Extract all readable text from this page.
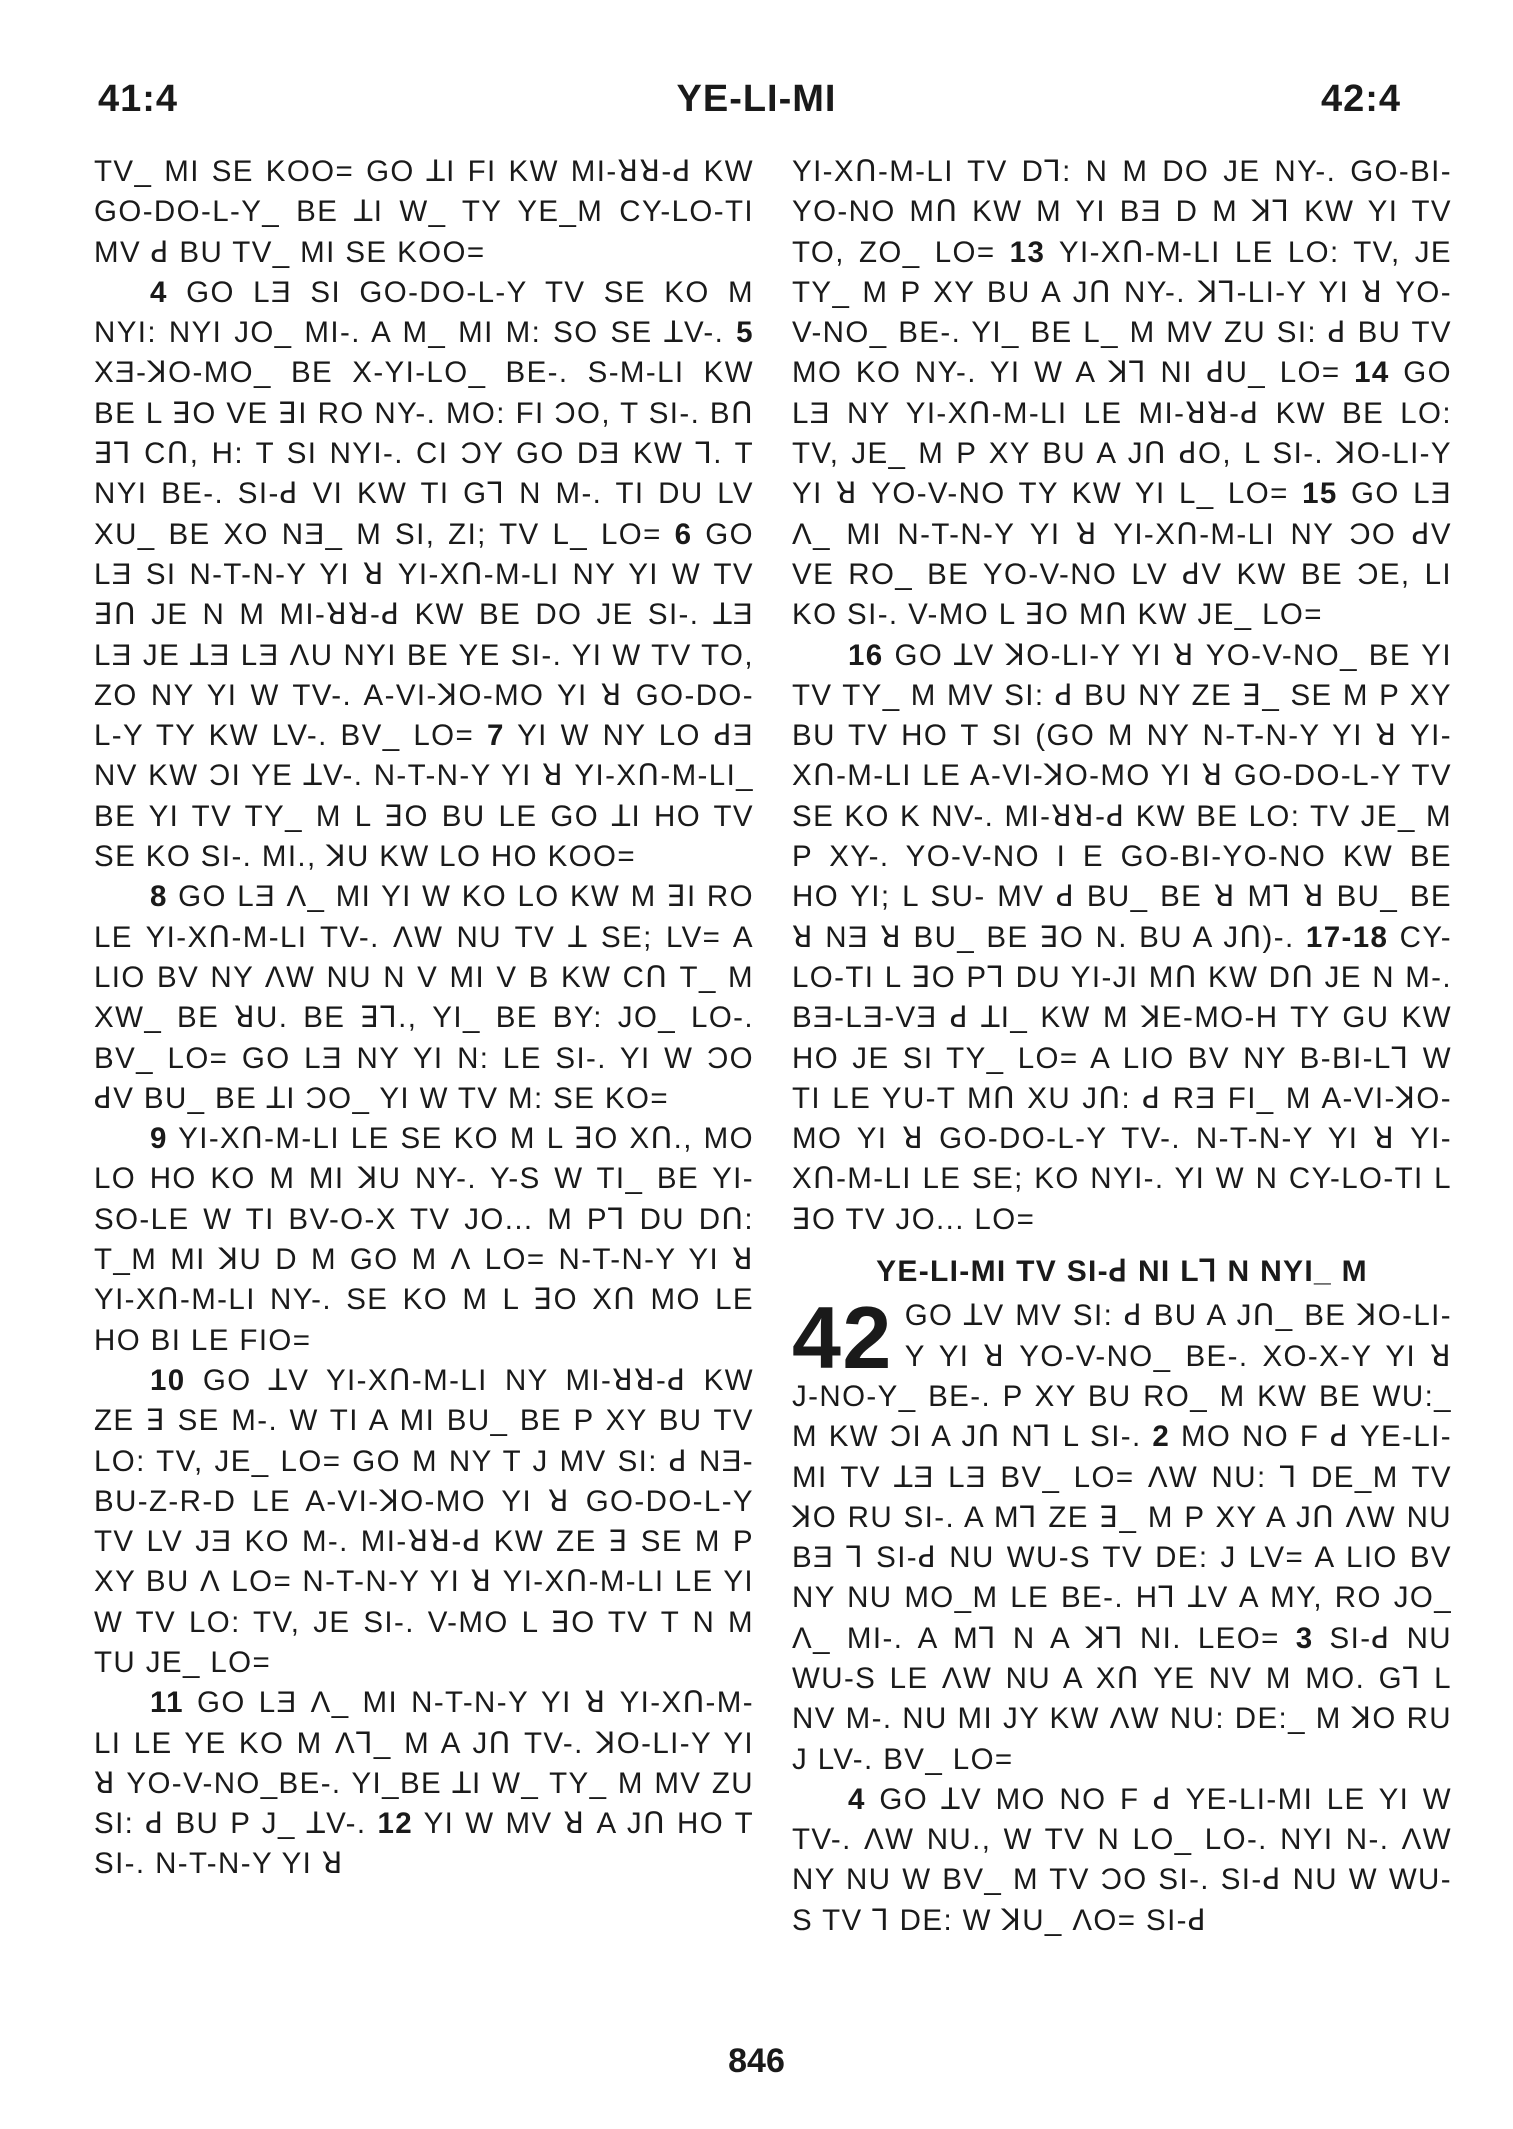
41:4	YE-LI-MI	42:4

TV_ MI SE KOO= GO ꓕI FI KW MI-ꓤꓤ-ꓒ KW GO-DO-L-Y_ BE ꓕI W_ TY YE_M CY-LO-TI MV ꓒ BU TV_ MI SE KOO=

4 GO LƎ SI GO-DO-L-Y TV SE KO M NYI: NYI JO_ MI-. A M_ MI M: SO SE ꓕV-. 5 XƎ-ꓘO-MO_ BE X-YI-LO_ BE-. S-M-LI KW BE L ꓱO VE ꓱI RO NY-. MO: FI ƆO, T SI-. BՈ ꓱ⅂ CՈ, H: T SI NYI-. CI ƆY GO DƎ KW ⅂. T NYI BE-. SI-ꓒ VI KW TI G⅂ N M-. TI DU LV XU_ BE XO NƎ_ M SI, ZI; TV L_ LO= 6 GO LƎ SI N-T-N-Y YI ꓤ YI-XՈ-M-LI NY YI W TV ꓱՈ JE N M MI-ꓤꓤ-ꓒ KW BE DO JE SI-. ꓕƎ LƎ JE ꓕƎ LƎ ɅU NYI BE YE SI-. YI W TV TO, ZO NY YI W TV-. A-VI-ꓘO-MO YI ꓤ GO-DO-L-Y TY KW LV-. BV_ LO= 7 YI W NY LO ꓒƎ NV KW ƆI YE ꓕV-. N-T-N-Y YI ꓤ YI-XՈ-M-LI_ BE YI TV TY_ M L ꓱO BU LE GO ꓕI HO TV SE KO SI-. MI., ꓘU KW LO HO KOO=

8 GO LƎ Ʌ_ MI YI W KO LO KW M ꓱI RO LE YI-XՈ-M-LI TV-. ɅW NU TV ꓕ SE; LV= A LIO BV NY ɅW NU N V MI V B KW CՈ T_ M XW_ BE ꓤU. BE ꓱ⅂., YI_ BE BY: JO_ LO-. BV_ LO= GO LƎ NY YI N: LE SI-. YI W ƆO ꓒV BU_ BE ꓕI ƆO_ YI W TV M: SE KO=

9 YI-XՈ-M-LI LE SE KO M L ꓱO XՈ., MO LO HO KO M MI ꓘU NY-. Y-S W TI_ BE YI-SO-LE W TI BV-O-X TV JO... M P⅂ DU DՈ: T_M MI ꓘU D M GO M Ʌ LO= N-T-N-Y YI ꓤ YI-XՈ-M-LI NY-. SE KO M L ꓱO XՈ MO LE HO BI LE FIO=

10 GO ꓕV YI-XՈ-M-LI NY MI-ꓤꓤ-ꓒ KW ZE ꓱ SE M-. W TI A MI BU_ BE P XY BU TV LO: TV, JE_ LO= GO M NY T J MV SI: ꓒ NƎ-BU-Z-R-D LE A-VI-ꓘO-MO YI ꓤ GO-DO-L-Y TV LV JƎ KO M-. MI-ꓤꓤ-ꓒ KW ZE ꓱ SE M P XY BU Ʌ LO= N-T-N-Y YI ꓤ YI-XՈ-M-LI LE YI W TV LO: TV, JE SI-. V-MO L ꓱO TV T N M TU JE_ LO=

11 GO LƎ Ʌ_ MI N-T-N-Y YI ꓤ YI-XՈ-M-LI LE YE KO M Ʌ⅂_ M A JՈ TV-. ꓘO-LI-Y YI ꓤ YO-V-NO_BE-. YI_BE ꓕI W_ TY_ M MV ZU SI: ꓒ BU P J_ ꓕV-. 12 YI W MV ꓤ A JՈ HO T SI-. N-T-N-Y YI ꓤ

YI-XՈ-M-LI TV D⅂: N M DO JE NY-. GO-BI-YO-NO MՈ KW M YI BƎ D M ꓘ⅂ KW YI TV TO, ZO_ LO= 13 YI-XՈ-M-LI LE LO: TV, JE TY_ M P XY BU A JՈ NY-. ꓘ⅂-LI-Y YI ꓤ YO-V-NO_ BE-. YI_ BE L_ M MV ZU SI: ꓒ BU TV MO KO NY-. YI W A ꓘ⅂ NI ꓒU_ LO= 14 GO LƎ NY YI-XՈ-M-LI LE MI-ꓤꓤ-ꓒ KW BE LO: TV, JE_ M P XY BU A JՈ ꓒO, L SI-. ꓘO-LI-Y YI ꓤ YO-V-NO TY KW YI L_ LO= 15 GO LƎ Ʌ_ MI N-T-N-Y YI ꓤ YI-XՈ-M-LI NY ƆO ꓒV VE RO_ BE YO-V-NO LV ꓒV KW BE ƆE, LI KO SI-. V-MO L ꓱO MՈ KW JE_ LO=

16 GO ꓕV ꓘO-LI-Y YI ꓤ YO-V-NO_ BE YI TV TY_ M MV SI: ꓒ BU NY ZE ꓱ_ SE M P XY BU TV HO T SI (GO M NY N-T-N-Y YI ꓤ YI-XՈ-M-LI LE A-VI-ꓘO-MO YI ꓤ GO-DO-L-Y TV SE KO K NV-. MI-ꓤꓤ-ꓒ KW BE LO: TV JE_ M P XY-. YO-V-NO I E GO-BI-YO-NO KW BE HO YI; L SU- MV ꓒ BU_ BE ꓤ M⅂ ꓤ BU_ BE ꓤ NƎ ꓤ BU_ BE ꓱO N. BU A JՈ)-. 17-18 CY-LO-TI L ꓱO P⅂ DU YI-JI MՈ KW DՈ JE N M-. BƎ-LƎ-VƎ ꓒ ꓕI_ KW M ꓘE-MO-H TY GU KW HO JE SI TY_ LO= A LIO BV NY B-BI-L⅂ W TI LE YU-T MՈ XU JՈ: ꓒ RƎ FI_ M A-VI-ꓘO-MO YI ꓤ GO-DO-L-Y TV-. N-T-N-Y YI ꓤ YI-XՈ-M-LI LE SE; KO NYI-. YI W N CY-LO-TI L ꓱO TV JO... LO=

YE-LI-MI TV SI-ꓒ NI L⅂ N NYI_ M

42 GO ꓕV MV SI: ꓒ BU A JՈ_ BE ꓘO-LI-Y YI ꓤ YO-V-NO_ BE-. XO-X-Y YI ꓤ J-NO-Y_ BE-. P XY BU RO_ M KW BE WU:_ M KW ƆI A JՈ N⅂ L SI-. 2 MO NO F ꓒ YE-LI-MI TV ꓕƎ LƎ BV_ LO= ɅW NU: ⅂ DE_M TV ꓘO RU SI-. A M⅂ ZE ꓱ_ M P XY A JՈ ɅW NU BƎ ⅂ SI-ꓒ NU WU-S TV DE: J LV= A LIO BV NY NU MO_M LE BE-. H⅂ ꓕV A MY, RO JO_ Ʌ_ MI-. A M⅂ N A ꓘ⅂ NI. LEO= 3 SI-ꓒ NU WU-S LE ɅW NU A XՈ YE NV M MO. G⅂ L NV M-. NU MI JY KW ɅW NU: DE:_ M ꓘO RU J LV-. BV_ LO=

4 GO ꓕV MO NO F ꓒ YE-LI-MI LE YI W TV-. ɅW NU., W TV N LO_ LO-. NYI N-. ɅW NY NU W BV_ M TV ƆO SI-. SI-ꓒ NU W WU-S TV ⅂ DE: W ꓘU_ ɅO= SI-ꓒ

846
